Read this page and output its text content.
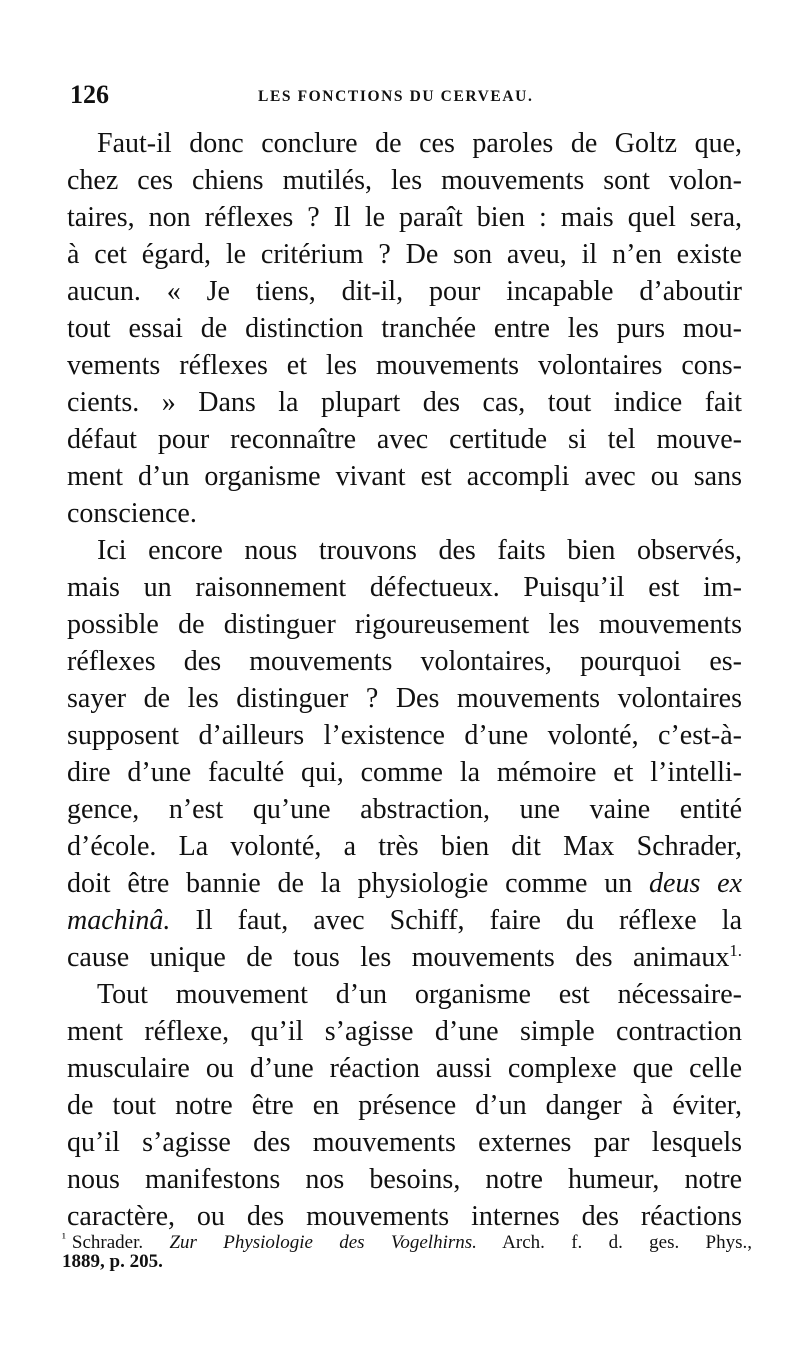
126	LES FONCTIONS DU CERVEAU.
Faut-il donc conclure de ces paroles de Goltz que,
chez ces chiens mutilés, les mouvements sont volon-
taires, non réflexes ? Il le paraît bien : mais quel sera,
à cet égard, le critérium ? De son aveu, il n’en existe
aucun. « Je tiens, dit-il, pour incapable d’aboutir
tout essai de distinction tranchée entre les purs mou-
vements réflexes et les mouvements volontaires cons-
cients. » Dans la plupart des cas, tout indice fait
défaut pour reconnaître avec certitude si tel mouve-
ment d’un organisme vivant est accompli avec ou sans
conscience.
Ici encore nous trouvons des faits bien observés,
mais un raisonnement défectueux. Puisqu’il est im-
possible de distinguer rigoureusement les mouvements
réflexes des mouvements volontaires, pourquoi es-
sayer de les distinguer ? Des mouvements volontaires
supposent d’ailleurs l’existence d’une volonté, c’est-à-
dire d’une faculté qui, comme la mémoire et l’intelli-
gence, n’est qu’une abstraction, une vaine entité
d’école. La volonté, a très bien dit Max Schrader,
doit être bannie de la physiologie comme un deus ex
machinâ. Il faut, avec Schiff, faire du réflexe la
cause unique de tous les mouvements des animaux$^{1.}$
Tout mouvement d’un organisme est nécessaire-
ment réflexe, qu’il s’agisse d’une simple contraction
musculaire ou d’une réaction aussi complexe que celle
de tout notre être en présence d’un danger à éviter,
qu’il s’agisse des mouvements externes par lesquels
nous manifestons nos besoins, notre humeur, notre
caractère, ou des mouvements internes des réactions
$^{^1}$ Schrader. Zur Physiologie des Vogelhirns. Arch. f. d. ges. Phys.,
1889, p. 205.
